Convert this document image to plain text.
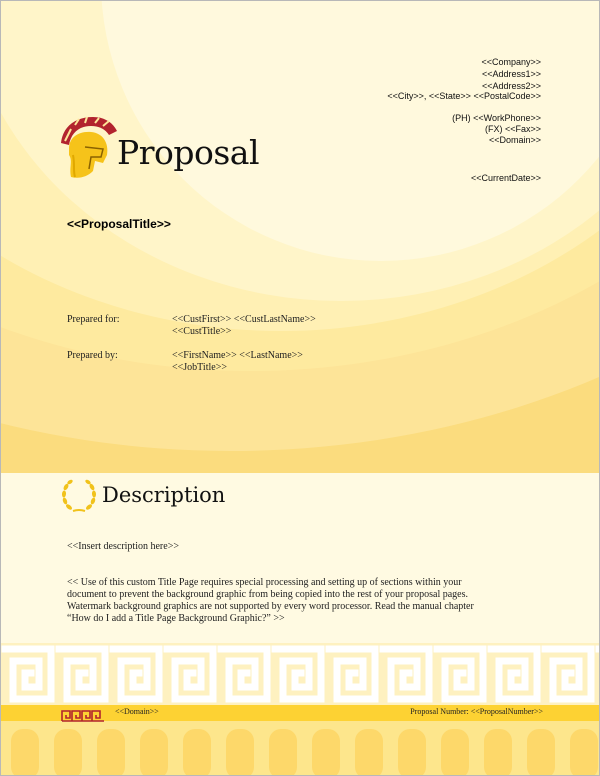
<<Company>>
<<Address1>>
<<Address2>>
<<City>>, <<State>> <<PostalCode>>
(PH) <<WorkPhone>>
(FX) <<Fax>>
<<Domain>>
<<CurrentDate>>
Proposal
<<ProposalTitle>>
Prepared for:	<<CustFirst>> <<CustLastName>>
<<CustTitle>>
Prepared by:	<<FirstName>> <<LastName>>
<<JobTitle>>
Description
<<Insert description here>>
<< Use of this custom Title Page requires special processing and setting up of sections within your
document to prevent the background graphic from being copied into the rest of your proposal pages.
Watermark background graphics are not supported by every word processor. Read the manual chapter
“How do I add a Title Page Background Graphic?” >>
<<Domain>>	Proposal Number: <<ProposalNumber>>
